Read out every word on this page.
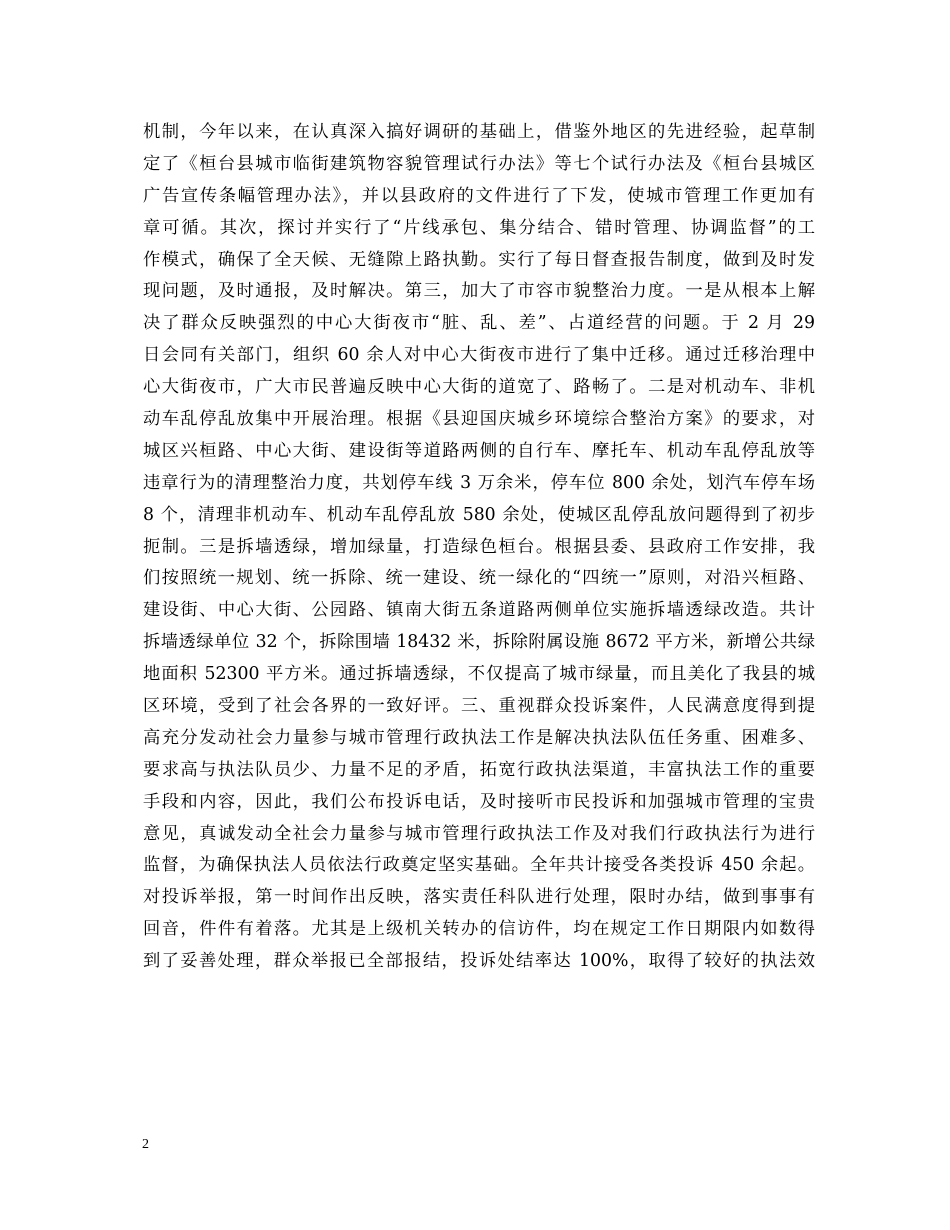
机制，今年以来，在认真深入搞好调研的基础上，借鉴外地区的先进经验，起草制
定了《桓台县城市临街建筑物容貌管理试行办法》等七个试行办法及《桓台县城区
广告宣传条幅管理办法》，并以县政府的文件进行了下发，使城市管理工作更加有
章可循。其次，探讨并实行了“片线承包、集分结合、错时管理、协调监督”的工
作模式，确保了全天候、无缝隙上路执勤。实行了每日督查报告制度，做到及时发
现问题，及时通报，及时解决。第三，加大了市容市貌整治力度。一是从根本上解
决了群众反映强烈的中心大街夜市“脏、乱、差”、占道经营的问题。于 2 月 29
日会同有关部门，组织 60 余人对中心大街夜市进行了集中迁移。通过迁移治理中
心大街夜市，广大市民普遍反映中心大街的道宽了、路畅了。二是对机动车、非机
动车乱停乱放集中开展治理。根据《县迎国庆城乡环境综合整治方案》的要求，对
城区兴桓路、中心大街、建设街等道路两侧的自行车、摩托车、机动车乱停乱放等
违章行为的清理整治力度，共划停车线 3 万余米，停车位 800 余处，划汽车停车场
8 个，清理非机动车、机动车乱停乱放 580 余处，使城区乱停乱放问题得到了初步
扼制。三是拆墙透绿，增加绿量，打造绿色桓台。根据县委、县政府工作安排，我
们按照统一规划、统一拆除、统一建设、统一绿化的“四统一”原则，对沿兴桓路、
建设街、中心大街、公园路、镇南大街五条道路两侧单位实施拆墙透绿改造。共计
拆墙透绿单位 32 个，拆除围墙 18432 米，拆除附属设施 8672 平方米，新增公共绿
地面积 52300 平方米。通过拆墙透绿，不仅提高了城市绿量，而且美化了我县的城
区环境，受到了社会各界的一致好评。三、重视群众投诉案件，人民满意度得到提
高充分发动社会力量参与城市管理行政执法工作是解决执法队伍任务重、困难多、
要求高与执法队员少、力量不足的矛盾，拓宽行政执法渠道，丰富执法工作的重要
手段和内容，因此，我们公布投诉电话，及时接听市民投诉和加强城市管理的宝贵
意见，真诚发动全社会力量参与城市管理行政执法工作及对我们行政执法行为进行
监督，为确保执法人员依法行政奠定坚实基础。全年共计接受各类投诉 450 余起。
对投诉举报，第一时间作出反映，落实责任科队进行处理，限时办结，做到事事有
回音，件件有着落。尤其是上级机关转办的信访件，均在规定工作日期限内如数得
到了妥善处理，群众举报已全部报结，投诉处结率达 100%，取得了较好的执法效
2
